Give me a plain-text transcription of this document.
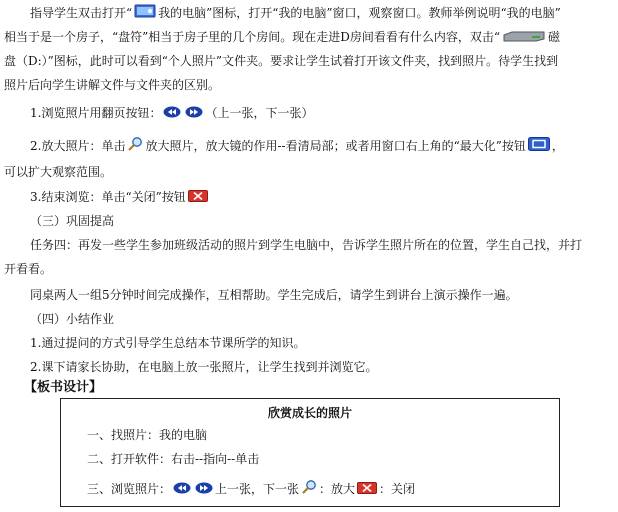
指导学生双击打开“ 我的电脑”图标，打开“我的电脑”窗口，观察窗口。教师举例说明“我的电脑”
相当于是一个房子，“盘符”相当于房子里的几个房间。现在走进D房间看看有什么内容，双击“	磁
盘（D:）”图标，此时可以看到“个人照片”文件夹。要求让学生试着打开该文件夹，找到照片。待学生找到
照片后向学生讲解文件与文件夹的区别。
1.浏览照片用翻页按钮：	（上一张，下一张）
2.放大照片：单击 放大照片，放大镜的作用--看清局部；或者用窗口右上角的“最大化”按钮 ，
可以扩大观察范围。
3.结束浏览：单击“关闭”按钮
（三）巩固提高
任务四：再发一些学生参加班级活动的照片到学生电脑中，告诉学生照片所在的位置，学生自己找，并打
开看看。
同桌两人一组5分钟时间完成操作，互相帮助。学生完成后，请学生到讲台上演示操作一遍。
（四）小结作业
1.通过提问的方式引导学生总结本节课所学的知识。
2.课下请家长协助，在电脑上放一张照片，让学生找到并浏览它。
【板书设计】
欣赏成长的照片
一、找照片：我的电脑
二、打开软件：右击--指向--单击
三、浏览照片：	上一张，下一张 ：放大 ：关闭
